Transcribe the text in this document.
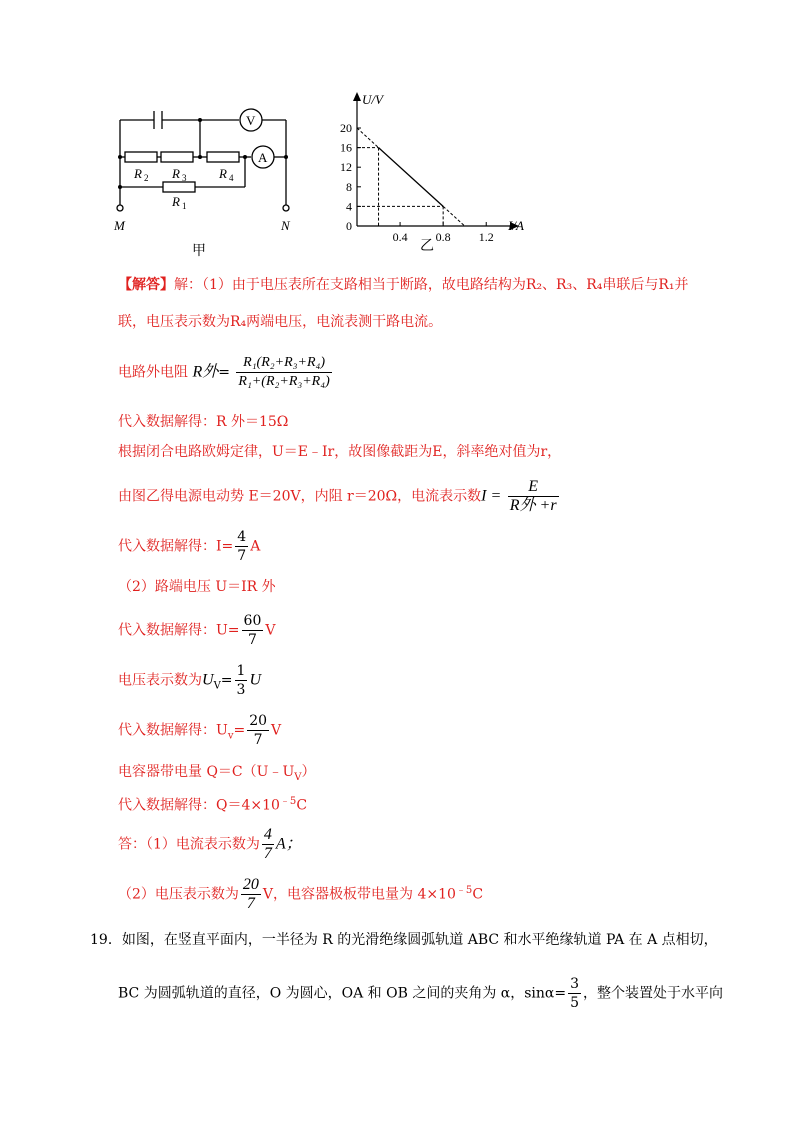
V
A
R 2 R 3	R 4
R 1
M	N
甲
U/V
I/A
0
4
8
12
16
20
0.4 0.8 1.2
乙
【解答】解：（1）由于电压表所在支路相当于断路，故电路结构为R₂、R₃、R₄串联后与R₁并
联，电压表示数为R₄两端电压，电流表测干路电流。
电路外电阻 R外= $\frac{\text{R₁(R₂+R₃+R₄)}}{\text{R₁+(R₂+R₃+R₄)}}$
代入数据解得：R 外＝15Ω
根据闭合电路欧姆定律，U＝E﹣Ir，故图像截距为E，斜率绝对值为r，
由图乙得电源电动势 E＝20V，内阻 r＝20Ω，电流表示数$I = \frac{E}{\text{R外 +r}}$
代入数据解得：$I= \frac{4}{7}$ A
（2）路端电压 U＝IR 外
代入数据解得：$U= \frac{60}{7}$ V
电压表示数为$U_V= \frac{1}{3}$ U
代入数据解得：$U_v= \frac{20}{7}$ V
电容器带电量 $Q=C(U﹣U_V)$
代入数据解得：$Q=4\times 10^{﹣5}C$
答：（1）电流表示数为 $\frac{4}{7}$ A；
（2）电压表示数为 $\frac{20}{7}$ V，电容器极板带电量为 $4\times 10^{﹣5}C$
19．如图，在竖直平面内，一半径为 R 的光滑绝缘圆弧轨道 ABC 和水平绝缘轨道 PA 在 A 点相切，
BC 为圆弧轨道的直径，O 为圆心，OA 和 OB 之间的夹角为 α，$\sin\alpha= \frac{3}{5}$ ，整个装置处于水平向
